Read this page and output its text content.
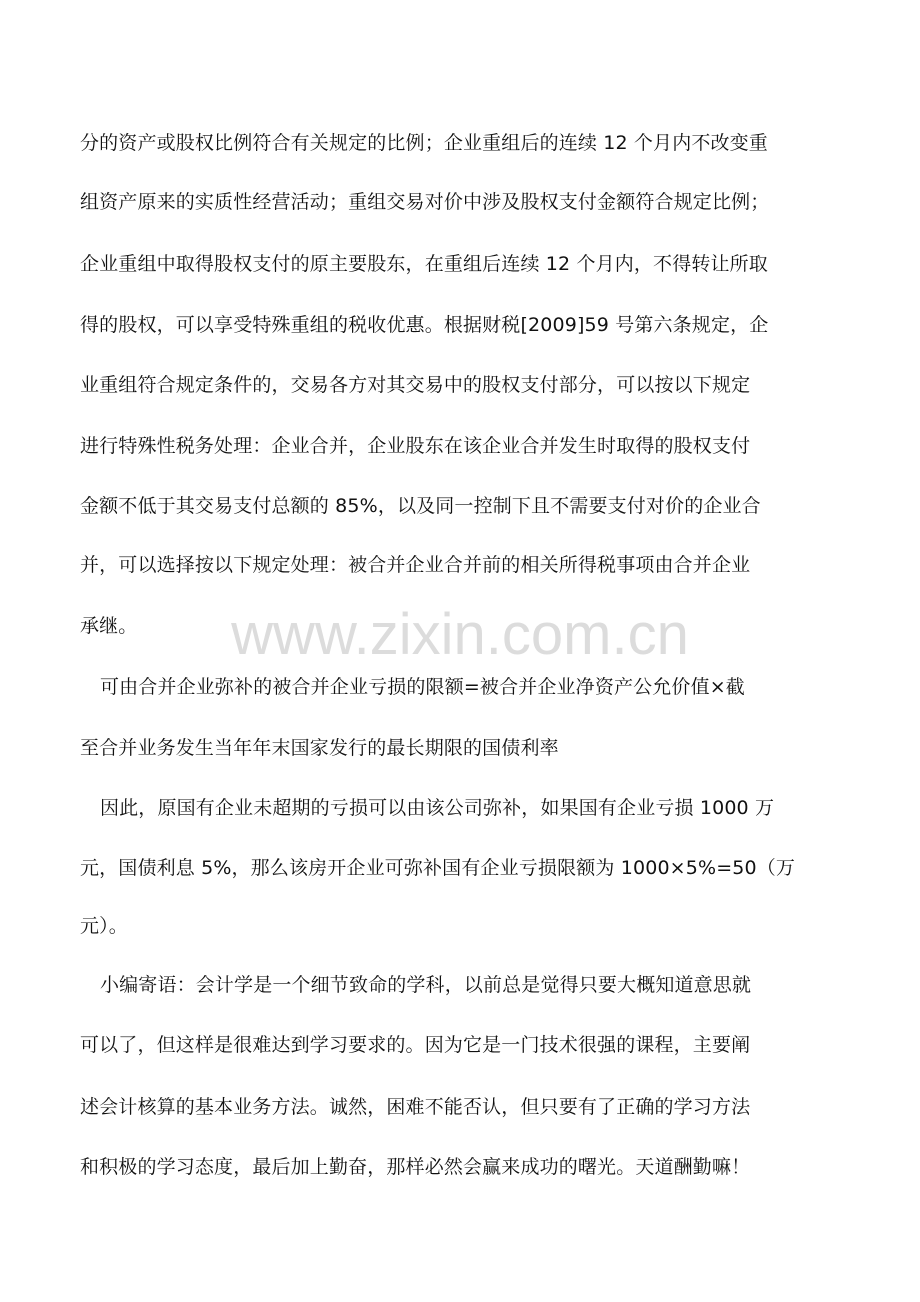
www.zixin.com.cn
分的资产或股权比例符合有关规定的比例；企业重组后的连续 12 个月内不改变重
组资产原来的实质性经营活动；重组交易对价中涉及股权支付金额符合规定比例；
企业重组中取得股权支付的原主要股东，在重组后连续 12 个月内，不得转让所取
得的股权，可以享受特殊重组的税收优惠。根据财税[2009]59 号第六条规定，企
业重组符合规定条件的，交易各方对其交易中的股权支付部分，可以按以下规定
进行特殊性税务处理：企业合并，企业股东在该企业合并发生时取得的股权支付
金额不低于其交易支付总额的 85%，以及同一控制下且不需要支付对价的企业合
并，可以选择按以下规定处理：被合并企业合并前的相关所得税事项由合并企业
承继。
可由合并企业弥补的被合并企业亏损的限额=被合并企业净资产公允价值×截
至合并业务发生当年年末国家发行的最长期限的国债利率
因此，原国有企业未超期的亏损可以由该公司弥补，如果国有企业亏损 1000 万
元，国债利息 5%，那么该房开企业可弥补国有企业亏损限额为 1000×5%=50（万
元）。
小编寄语：会计学是一个细节致命的学科，以前总是觉得只要大概知道意思就
可以了，但这样是很难达到学习要求的。因为它是一门技术很强的课程，主要阐
述会计核算的基本业务方法。诚然，困难不能否认，但只要有了正确的学习方法
和积极的学习态度，最后加上勤奋，那样必然会赢来成功的曙光。天道酬勤嘛！
